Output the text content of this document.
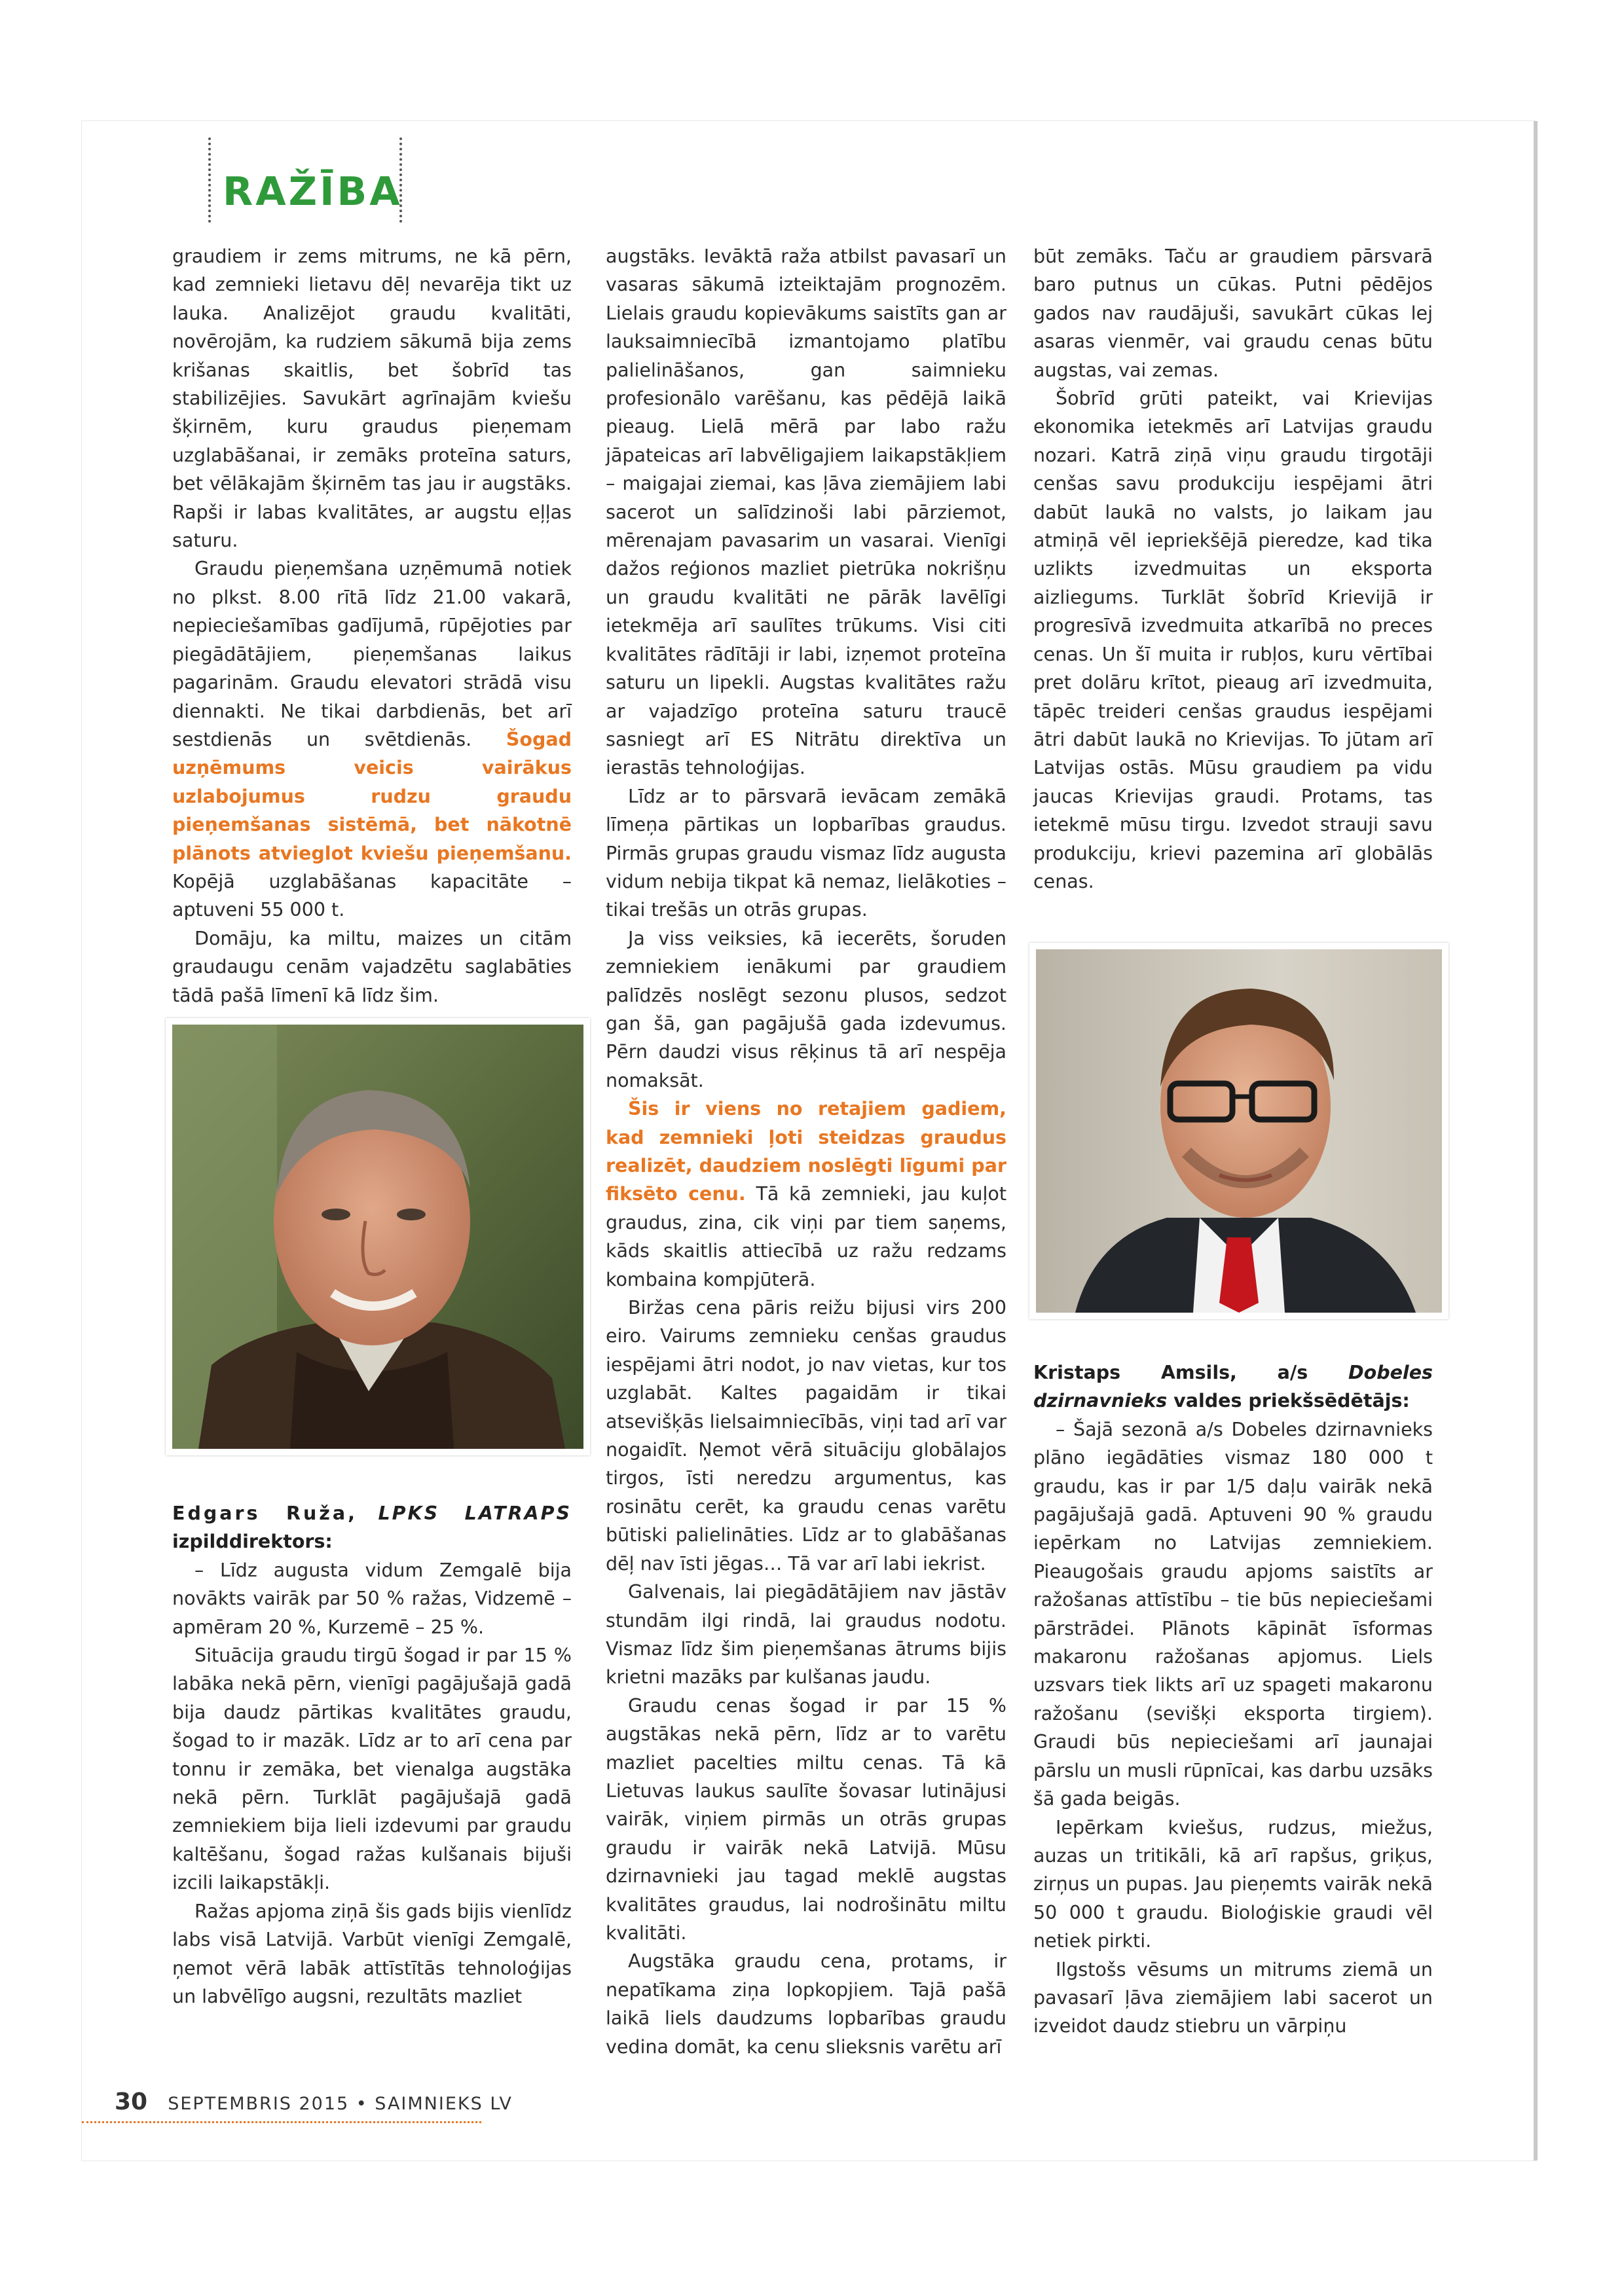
RAŽĪBA

graudiem ir zems mitrums, ne kā pērn, kad zemnieki lietavu dēļ nevarēja tikt uz lauka. Analizējot graudu kvalitāti, novērojām, ka rudziem sākumā bija zems krišanas skaitlis, bet šobrīd tas stabilizējies. Savukārt agrīnajām kviešu šķirnēm, kuru graudus pieņemam uzglabāšanai, ir zemāks proteīna saturs, bet vēlākajām šķirnēm tas jau ir augstāks. Rapši ir labas kvalitātes, ar augstu eļļas saturu.

Graudu pieņemšana uzņēmumā notiek no plkst. 8.00 rītā līdz 21.00 vakarā, nepieciešamības gadījumā, rūpējoties par piegādātājiem, pieņemšanas laikus pagarinām. Graudu elevatori strādā visu diennakti. Ne tikai darbdienās, bet arī sestdienās un svētdienās. Šogad uzņēmums veicis vairākus uzlabojumus rudzu graudu pieņemšanas sistēmā, bet nākotnē plānots atvieglot kviešu pieņemšanu. Kopējā uzglabāšanas kapacitāte – aptuveni 55 000 t.

Domāju, ka miltu, maizes un citām graudaugu cenām vajadzētu saglabāties tādā pašā līmenī kā līdz šim.

Edgars Ruža, LPKS LATRAPS izpilddirektors:

– Līdz augusta vidum Zemgalē bija novākts vairāk par 50 % ražas, Vidzemē – apmēram 20 %, Kurzemē – 25 %.

Situācija graudu tirgū šogad ir par 15 % labāka nekā pērn, vienīgi pagājušajā gadā bija daudz pārtikas kvalitātes graudu, šogad to ir mazāk. Līdz ar to arī cena par tonnu ir zemāka, bet vienalga augstāka nekā pērn. Turklāt pagājušajā gadā zemniekiem bija lieli izdevumi par graudu kaltēšanu, šogad ražas kulšanais bijuši izcili laikapstākļi.

Ražas apjoma ziņā šis gads bijis vienlīdz labs visā Latvijā. Varbūt vienīgi Zemgalē, ņemot vērā labāk attīstītās tehnoloģijas un labvēlīgo augsni, rezultāts mazliet

augstāks. Ievāktā raža atbilst pavasarī un vasaras sākumā izteiktajām prognozēm. Lielais graudu kopievākums saistīts gan ar lauksaimniecībā izmantojamo platību palielināšanos, gan saimnieku profesionālo varēšanu, kas pēdējā laikā pieaug. Lielā mērā par labo ražu jāpateicas arī labvēligajiem laikapstākļiem – maigajai ziemai, kas ļāva ziemājiem labi sacerot un salīdzinoši labi pārziemot, mērenajam pavasarim un vasarai. Vienīgi dažos reģionos mazliet pietrūka nokrišņu un graudu kvalitāti ne pārāk lavēlīgi ietekmēja arī saulītes trūkums. Visi citi kvalitātes rādītāji ir labi, izņemot proteīna saturu un lipekli. Augstas kvalitātes ražu ar vajadzīgo proteīna saturu traucē sasniegt arī ES Nitrātu direktīva un ierastās tehnoloģijas.

Līdz ar to pārsvarā ievācam zemākā līmeņa pārtikas un lopbarības graudus. Pirmās grupas graudu vismaz līdz augusta vidum nebija tikpat kā nemaz, lielākoties – tikai trešās un otrās grupas.

Ja viss veiksies, kā iecerēts, šoruden zemniekiem ienākumi par graudiem palīdzēs noslēgt sezonu plusos, sedzot gan šā, gan pagājušā gada izdevumus. Pērn daudzi visus rēķinus tā arī nespēja nomaksāt.

Šis ir viens no retajiem gadiem, kad zemnieki ļoti steidzas graudus realizēt, daudziem noslēgti līgumi par fiksēto cenu. Tā kā zemnieki, jau kuļot graudus, zina, cik viņi par tiem saņems, kāds skaitlis attiecībā uz ražu redzams kombaina kompjūterā.

Biržas cena pāris reižu bijusi virs 200 eiro. Vairums zemnieku cenšas graudus iespējami ātri nodot, jo nav vietas, kur tos uzglabāt. Kaltes pagaidām ir tikai atsevišķās lielsaimniecībās, viņi tad arī var nogaidīt. Ņemot vērā situāciju globālajos tirgos, īsti neredzu argumentus, kas rosinātu cerēt, ka graudu cenas varētu būtiski palielināties. Līdz ar to glabāšanas dēļ nav īsti jēgas… Tā var arī labi iekrist.

Galvenais, lai piegādātājiem nav jāstāv stundām ilgi rindā, lai graudus nodotu. Vismaz līdz šim pieņemšanas ātrums bijis krietni mazāks par kulšanas jaudu.

Graudu cenas šogad ir par 15 % augstākas nekā pērn, līdz ar to varētu mazliet pacelties miltu cenas. Tā kā Lietuvas laukus saulīte šovasar lutinājusi vairāk, viņiem pirmās un otrās grupas graudu ir vairāk nekā Latvijā. Mūsu dzirnavnieki jau tagad meklē augstas kvalitātes graudus, lai nodrošinātu miltu kvalitāti.

Augstāka graudu cena, protams, ir nepatīkama ziņa lopkopjiem. Tajā pašā laikā liels daudzums lopbarības graudu vedina domāt, ka cenu slieksnis varētu arī

būt zemāks. Taču ar graudiem pārsvarā baro putnus un cūkas. Putni pēdējos gados nav raudājuši, savukārt cūkas lej asaras vienmēr, vai graudu cenas būtu augstas, vai zemas.

Šobrīd grūti pateikt, vai Krievijas ekonomika ietekmēs arī Latvijas graudu nozari. Katrā ziņā viņu graudu tirgotāji cenšas savu produkciju iespējami ātri dabūt laukā no valsts, jo laikam jau atmiņā vēl iepriekšējā pieredze, kad tika uzlikts izvedmuitas un eksporta aizliegums. Turklāt šobrīd Krievijā ir progresīvā izvedmuita atkarībā no preces cenas. Un šī muita ir rubļos, kuru vērtībai pret dolāru krītot, pieaug arī izvedmuita, tāpēc treideri cenšas graudus iespējami ātri dabūt laukā no Krievijas. To jūtam arī Latvijas ostās. Mūsu graudiem pa vidu jaucas Krievijas graudi. Protams, tas ietekmē mūsu tirgu. Izvedot strauji savu produkciju, krievi pazemina arī globālās cenas.

Kristaps Amsils, a/s Dobeles dzirnavnieks valdes priekšsēdētājs:

– Šajā sezonā a/s Dobeles dzirnavnieks plāno iegādāties vismaz 180 000 t graudu, kas ir par 1/5 daļu vairāk nekā pagājušajā gadā. Aptuveni 90 % graudu iepērkam no Latvijas zemniekiem. Pieaugošais graudu apjoms saistīts ar ražošanas attīstību – tie būs nepieciešami pārstrādei. Plānots kāpināt īsformas makaronu ražošanas apjomus. Liels uzsvars tiek likts arī uz spageti makaronu ražošanu (sevišķi eksporta tirgiem). Graudi būs nepieciešami arī jaunajai pārslu un musli rūpnīcai, kas darbu uzsāks šā gada beigās.

Iepērkam kviešus, rudzus, miežus, auzas un tritikāli, kā arī rapšus, griķus, zirņus un pupas. Jau pieņemts vairāk nekā 50 000 t graudu. Bioloģiskie graudi vēl netiek pirkti.

Ilgstošs vēsums un mitrums ziemā un pavasarī ļāva ziemājiem labi sacerot un izveidot daudz stiebru un vārpiņu

30 SEPTEMBRIS 2015 • SAIMNIEKS LV
